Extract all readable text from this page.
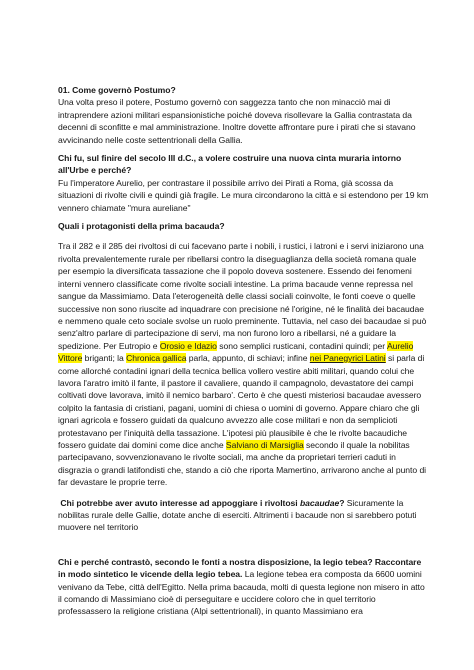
01. Come governò Postumo?

Una volta preso il potere, Postumo governò con saggezza tanto che non minacciò mai di intraprendere azioni militari espansionistiche poiché doveva risollevare la Gallia contrastata da decenni di sconfitte e mal amministrazione. Inoltre dovette affrontare pure i pirati che si stavano avvicinando nelle coste settentrionali della Gallia.

Chi fu, sul finire del secolo III d.C., a volere costruire una nuova cinta muraria intorno all'Urbe e perché?

Fu l'imperatore Aurelio, per contrastare il possibile arrivo dei Pirati a Roma, già scossa da situazioni di rivolte civili e quindi già fragile. Le mura circondarono la città e si estendono per 19 km vennero chiamate "mura aureliane"

Quali i protagonisti della prima bacauda?

Tra il 282 e il 285 dei rivoltosi di cui facevano parte i nobili, i rustici, i latroni e i servi iniziarono una rivolta prevalentemente rurale per ribellarsi contro la diseguaglianza della società romana quale per esempio la diversificata tassazione che il popolo doveva sostenere. Essendo dei fenomeni interni vennero classificate come rivolte sociali intestine. La prima bacaude venne repressa nel sangue da Massimiamo. Data l'eterogeneità delle classi sociali coinvolte, le fonti coeve o quelle successive non sono riuscite ad inquadrare con precisione né l'origine, né le finalità dei bacaudae e nemmeno quale ceto sociale svolse un ruolo preminente. Tuttavia, nel caso dei bacaudae si può senz'altro parlare di partecipazione di servi, ma non furono loro a ribellarsi, né a guidare la spedizione. Per Eutropio e Orosio e Idazio sono semplici rusticani, contadini quindi; per Aurelio Vittore briganti; la Chronica gallica parla, appunto, di schiavi; infine nei Panegyrici Latini si parla di come allorché contadini ignari della tecnica bellica vollero vestire abiti militari, quando colui che lavora l'aratro imitò il fante, il pastore il cavaliere, quando il campagnolo, devastatore dei campi coltivati dove lavorava, imitò il nemico barbaro'. Certo è che questi misteriosi bacaudae avessero colpito la fantasia di cristiani, pagani, uomini di chiesa o uomini di governo. Appare chiaro che gli ignari agricola e fossero guidati da qualcuno avvezzo alle cose militari e non da semplicioti protestavano per l'iniquità della tassazione. L'ipotesi più plausibile è che le rivolte bacaudiche fossero guidate dai domini come dice anche Salviano di Marsiglia secondo il quale la nobilitas partecipavano, sovvenzionavano le rivolte sociali, ma anche da proprietari terrieri caduti in disgrazia o grandi latifondisti che, stando a ciò che riporta Mamertino, arrivarono anche al punto di far devastare le proprie terre.

Chi potrebbe aver avuto interesse ad appoggiare i rivoltosi bacaudae? Sicuramente la nobilitas rurale delle Gallie, dotate anche di eserciti. Altrimenti i bacaude non si sarebbero potuti muovere nel territorio

Chi e perché contrastò, secondo le fonti a nostra disposizione, la legio tebea? Raccontare in modo sintetico le vicende della legio tebea. La legione tebea era composta da 6600 uomini venivano da Tebe, città dell'Egitto. Nella prima bacauda, molti di questa legione non misero in atto il comando di Massimiano cioè di perseguitare e uccidere coloro che in quel territorio professassero la religione cristiana (Alpi settentrionali), in quanto Massimiano era
